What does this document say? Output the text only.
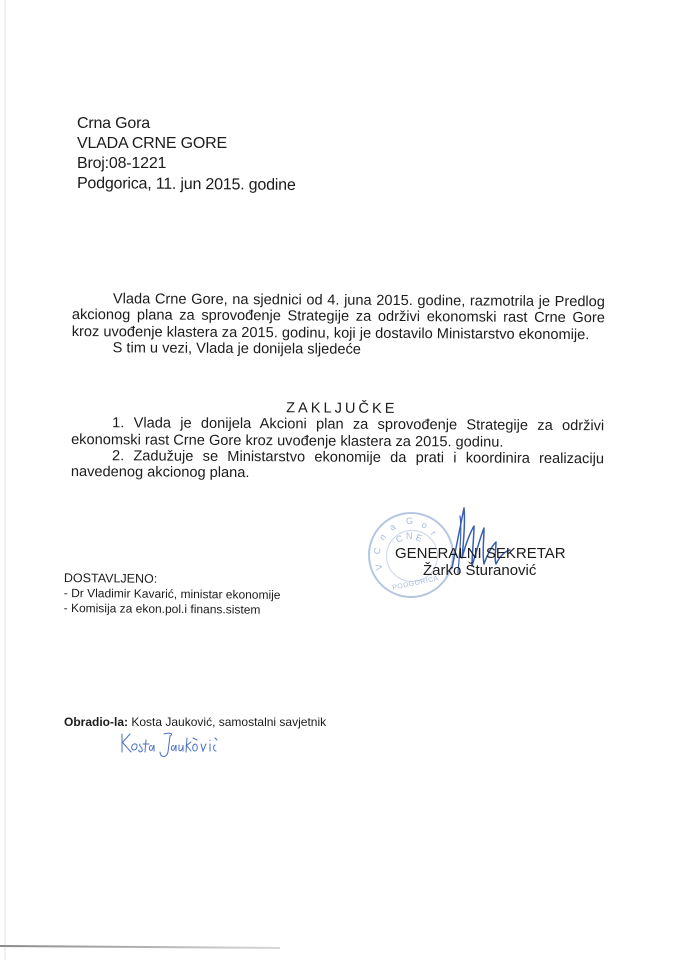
Crna Gora
VLADA CRNE GORE
Broj:08-1221
Podgorica, 11. jun 2015. godine

Vlada Crne Gore, na sjednici od 4. juna 2015. godine, razmotrila je Predlog akcionog plana za sprovođenje Strategije za održivi ekonomski rast Crne Gore kroz uvođenje klastera za 2015. godinu, koji je dostavilo Ministarstvo ekonomije.

S tim u vezi, Vlada je donijela sljedeće

ZAKLJUČKE

1. Vlada je donijela Akcioni plan za sprovođenje Strategije za održivi ekonomski rast Crne Gore kroz uvođenje klastera za 2015. godinu.

2. Zadužuje se Ministarstvo ekonomije da prati i koordinira realizaciju navedenog akcionog plana.

G o
r
a
n
C
V
C N E
PODGORICA
GENERALNI SEKRETAR
Žarko Šturanović
DOSTAVLJENO:
- Dr Vladimir Kavarić, ministar ekonomije
- Komisija za ekon.pol.i finans.sistem
Obradio-la: Kosta Jauković, samostalni savjetnik
